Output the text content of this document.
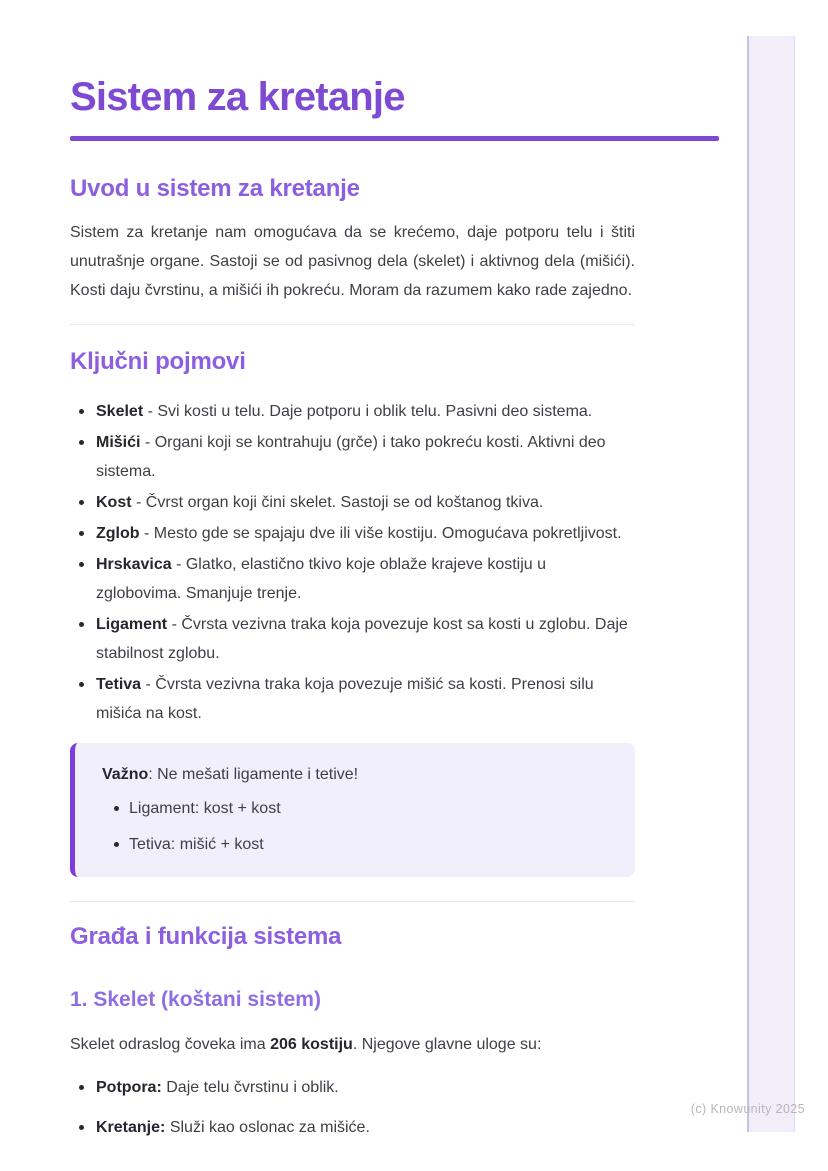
(c) Knowunity 2025
Sistem za kretanje
Uvod u sistem za kretanje

Sistem za kretanje nam omogućava da se krećemo, daje potporu telu i štiti unutrašnje organe. Sastoji se od pasivnog dela (skelet) i aktivnog dela (mišići). Kosti daju čvrstinu, a mišići ih pokreću. Moram da razumem kako rade zajedno.

Ključni pojmovi
Skelet - Svi kosti u telu. Daje potporu i oblik telu. Pasivni deo sistema.
Mišići - Organi koji se kontrahuju (grče) i tako pokreću kosti. Aktivni deo sistema.
Kost - Čvrst organ koji čini skelet. Sastoji se od koštanog tkiva.
Zglob - Mesto gde se spajaju dve ili više kostiju. Omogućava pokretljivost.
Hrskavica - Glatko, elastično tkivo koje oblaže krajeve kostiju u zglobovima. Smanjuje trenje.
Ligament - Čvrsta vezivna traka koja povezuje kost sa kosti u zglobu. Daje stabilnost zglobu.
Tetiva - Čvrsta vezivna traka koja povezuje mišić sa kosti. Prenosi silu mišića na kost.

Važno: Ne mešati ligamente i tetive!

Ligament: kost + kost
Tetiva: mišić + kost
Građa i funkcija sistema
1. Skelet (koštani sistem)

Skelet odraslog čoveka ima 206 kostiju. Njegove glavne uloge su:

Potpora: Daje telu čvrstinu i oblik.
Kretanje: Služi kao oslonac za mišiće.
